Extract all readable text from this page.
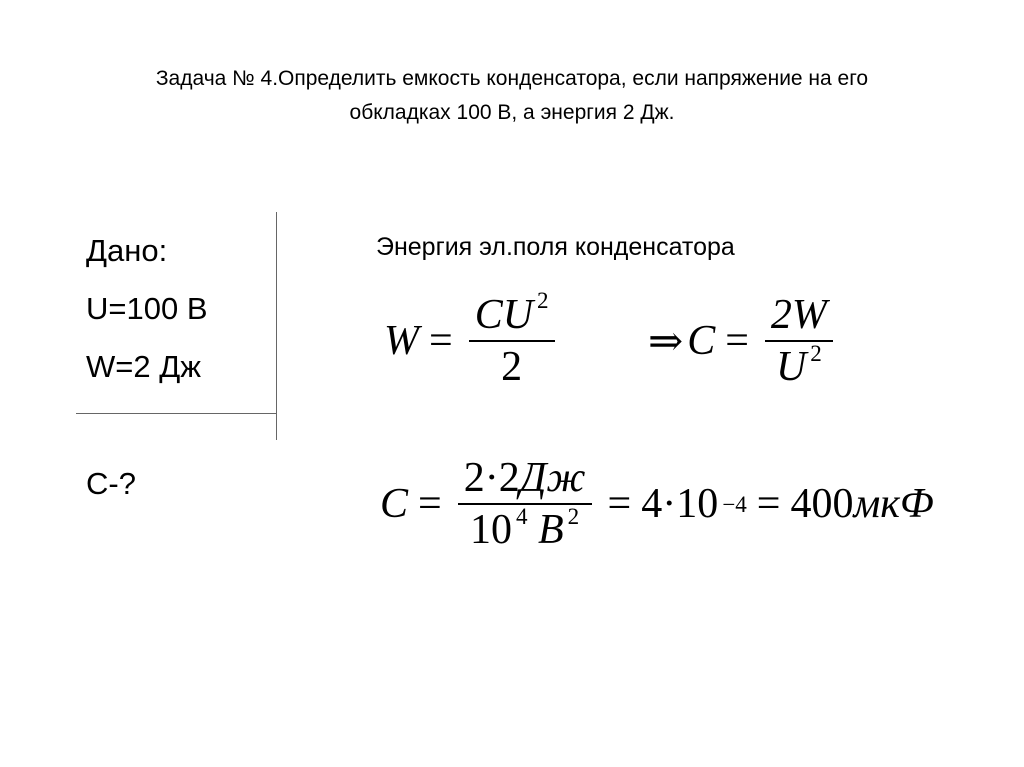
Задача № 4.Определить емкость конденсатора, если напряжение на его
обкладках 100 В, а энергия 2 Дж.
Дано:
U=100 В
W=2 Дж
С-?
Энергия эл.поля конденсатора
$W = \frac{CU ^2}{2}$ ⇒ $C = \frac{2W}{U ^2}$
$C = \frac{2\cdot 2Дж}{10 ^4 В ^2} = 4 \cdot 10 -4 = 400$ мкФ
